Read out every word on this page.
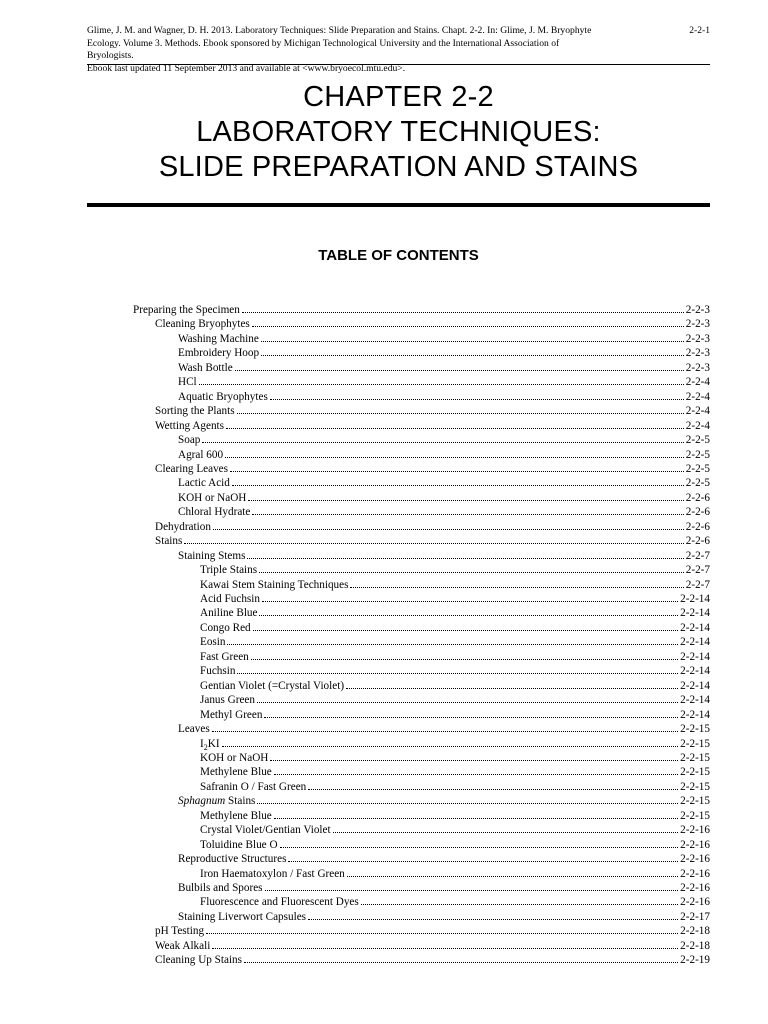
Glime, J. M. and Wagner, D. H. 2013. Laboratory Techniques: Slide Preparation and Stains. Chapt. 2-2. In: Glime, J. M. Bryophyte
Ecology. Volume 3. Methods. Ebook sponsored by Michigan Technological University and the International Association of Bryologists.
Ebook last updated 11 September 2013 and available at <www.bryoecol.mtu.edu>.
2-2-1
CHAPTER 2-2
LABORATORY TECHNIQUES:
SLIDE PREPARATION AND STAINS
TABLE OF CONTENTS
Preparing the Specimen	2-2-3
Cleaning Bryophytes	2-2-3
Washing Machine	2-2-3
Embroidery Hoop	2-2-3
Wash Bottle	2-2-3
HCl	2-2-4
Aquatic Bryophytes	2-2-4
Sorting the Plants	2-2-4
Wetting Agents	2-2-4
Soap	2-2-5
Agral 600	2-2-5
Clearing Leaves	2-2-5
Lactic Acid	2-2-5
KOH or NaOH	2-2-6
Chloral Hydrate	2-2-6
Dehydration	2-2-6
Stains	2-2-6
Staining Stems	2-2-7
Triple Stains	2-2-7
Kawai Stem Staining Techniques	2-2-7
Acid Fuchsin	2-2-14
Aniline Blue	2-2-14
Congo Red	2-2-14
Eosin	2-2-14
Fast Green	2-2-14
Fuchsin	2-2-14
Gentian Violet (=Crystal Violet)	2-2-14
Janus Green	2-2-14
Methyl Green	2-2-14
Leaves	2-2-15
$I_2KI$	2-2-15
KOH or NaOH	2-2-15
Methylene Blue	2-2-15
Safranin O / Fast Green	2-2-15
Sphagnum Stains	2-2-15
Methylene Blue	2-2-15
Crystal Violet/Gentian Violet	2-2-16
Toluidine Blue O	2-2-16
Reproductive Structures	2-2-16
Iron Haematoxylon / Fast Green	2-2-16
Bulbils and Spores	2-2-16
Fluorescence and Fluorescent Dyes	2-2-16
Staining Liverwort Capsules	2-2-17
pH Testing	2-2-18
Weak Alkali	2-2-18
Cleaning Up Stains	2-2-19
